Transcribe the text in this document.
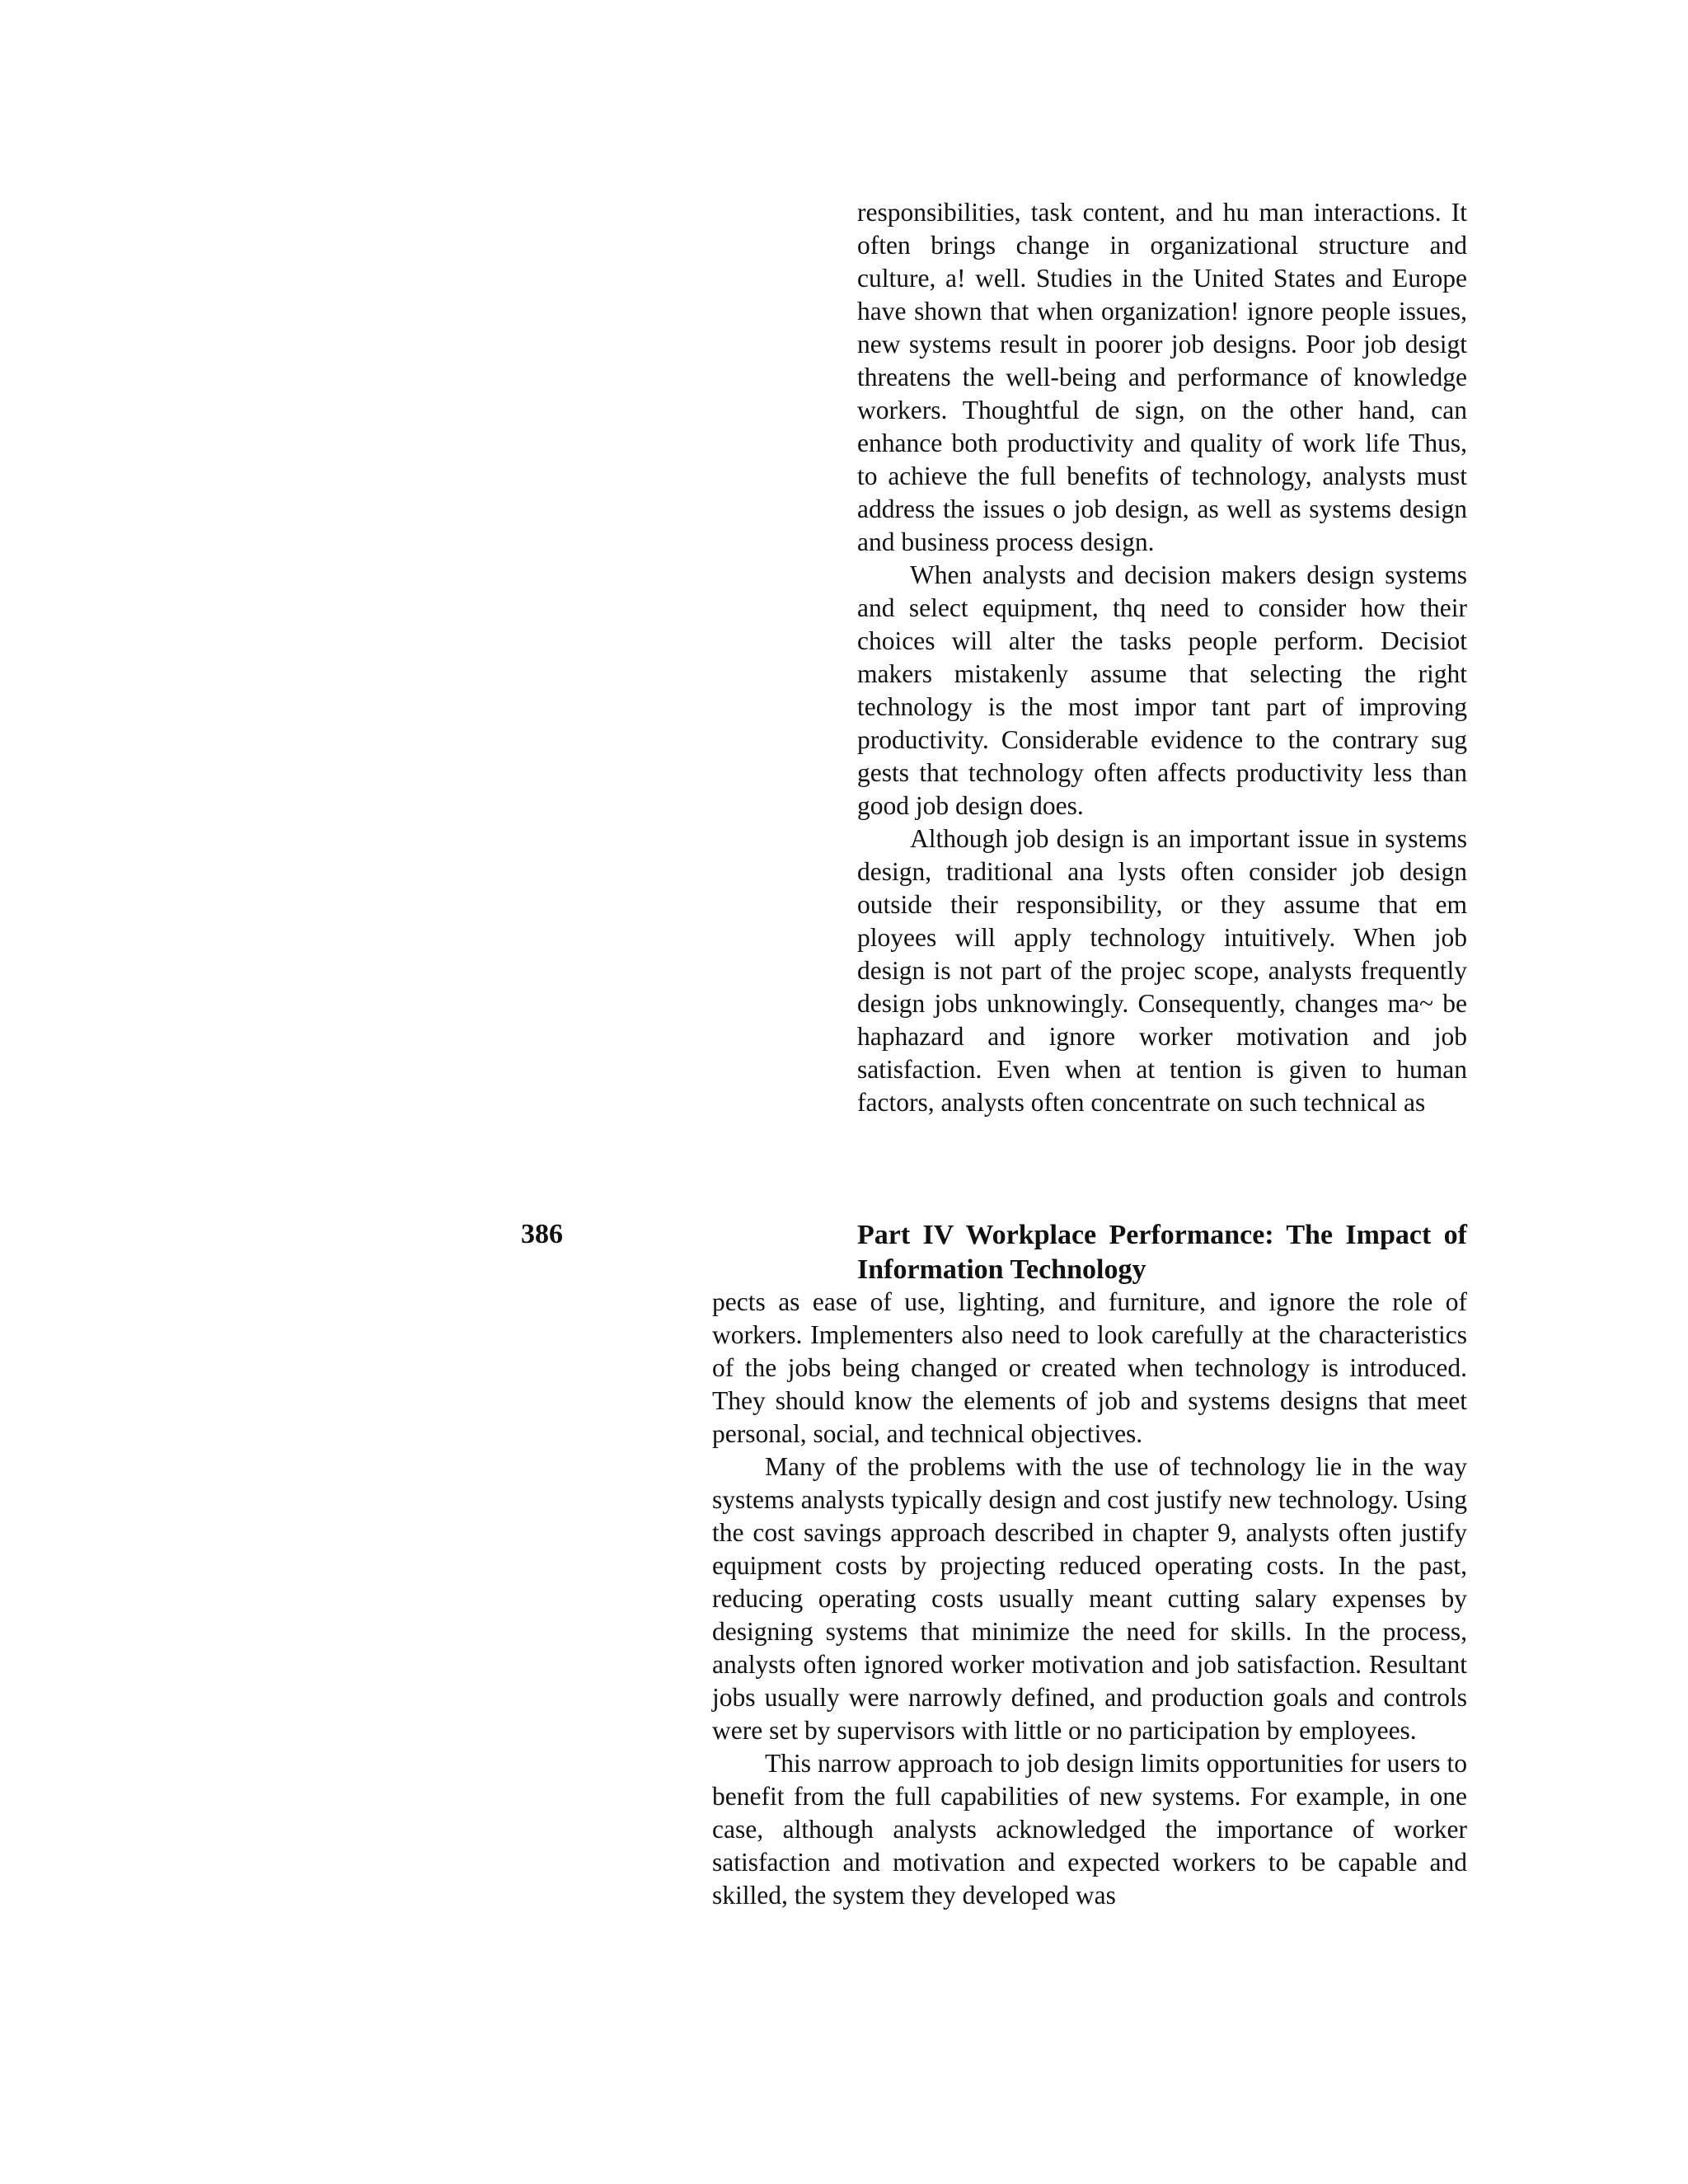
responsibilities, task content, and hu man interactions. It often brings change in organizational structure and culture, a! well. Studies in the United States and Europe have shown that when organization! ignore people issues, new systems result in poorer job designs. Poor job desigt threatens the well-being and performance of knowledge workers. Thoughtful de sign, on the other hand, can enhance both productivity and quality of work life Thus, to achieve the full benefits of technology, analysts must address the issues o job design, as well as systems design and business process design.

When analysts and decision makers design systems and select equipment, thq need to consider how their choices will alter the tasks people perform. Decisiot makers mistakenly assume that selecting the right technology is the most impor tant part of improving productivity. Considerable evidence to the contrary sug gests that technology often affects productivity less than good job design does.

Although job design is an important issue in systems design, traditional ana lysts often consider job design outside their responsibility, or they assume that em ployees will apply technology intuitively. When job design is not part of the projec scope, analysts frequently design jobs unknowingly. Consequently, changes ma~ be haphazard and ignore worker motivation and job satisfaction. Even when at tention is given to human factors, analysts often concentrate on such technical as

386	Part IV Workplace Performance: The Impact of Information Technology

pects as ease of use, lighting, and furniture, and ignore the role of workers. Implementers also need to look carefully at the characteristics of the jobs being changed or created when technology is introduced. They should know the elements of job and systems designs that meet personal, social, and technical objectives.

Many of the problems with the use of technology lie in the way systems analysts typically design and cost justify new technology. Using the cost savings approach described in chapter 9, analysts often justify equipment costs by projecting reduced operating costs. In the past, reducing operating costs usually meant cutting salary expenses by designing systems that minimize the need for skills. In the process, analysts often ignored worker motivation and job satisfaction. Resultant jobs usually were narrowly defined, and production goals and controls were set by supervisors with little or no participation by employees.

This narrow approach to job design limits opportunities for users to benefit from the full capabilities of new systems. For example, in one case, although analysts acknowledged the importance of worker satisfaction and motivation and expected workers to be capable and skilled, the system they developed was
